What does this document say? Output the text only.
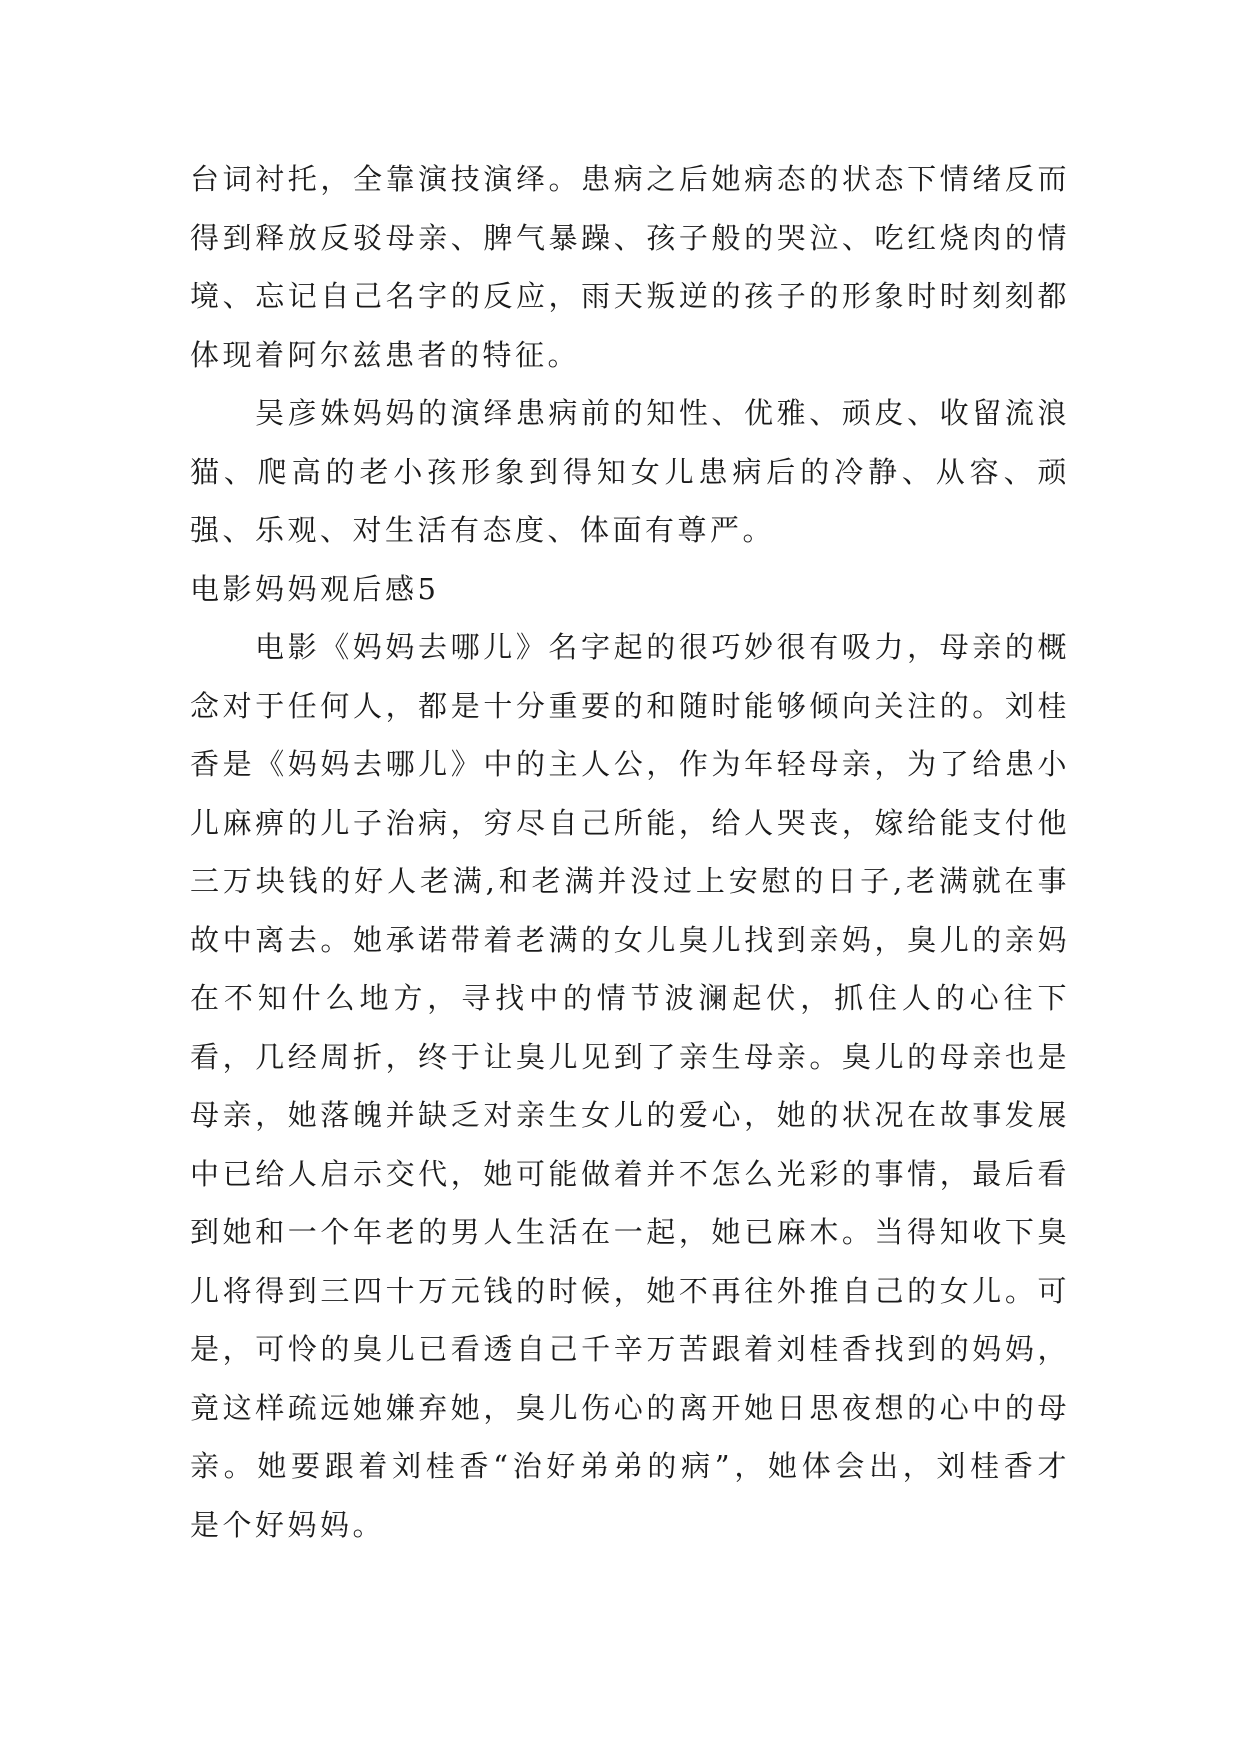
台词衬托，全靠演技演绎。患病之后她病态的状态下情绪反而得到释放反驳母亲、脾气暴躁、孩子般的哭泣、吃红烧肉的情境、忘记自己名字的反应，雨天叛逆的孩子的形象时时刻刻都体现着阿尔兹患者的特征。

吴彦姝妈妈的演绎患病前的知性、优雅、顽皮、收留流浪猫、爬高的老小孩形象到得知女儿患病后的冷静、从容、顽强、乐观、对生活有态度、体面有尊严。

电影妈妈观后感5

电影《妈妈去哪儿》名字起的很巧妙很有吸力，母亲的概念对于任何人，都是十分重要的和随时能够倾向关注的。刘桂香是《妈妈去哪儿》中的主人公，作为年轻母亲，为了给患小儿麻痹的儿子治病，穷尽自己所能，给人哭丧，嫁给能支付他三万块钱的好人老满,和老满并没过上安慰的日子,老满就在事故中离去。她承诺带着老满的女儿臭儿找到亲妈，臭儿的亲妈在不知什么地方，寻找中的情节波澜起伏，抓住人的心往下看，几经周折，终于让臭儿见到了亲生母亲。臭儿的母亲也是母亲，她落魄并缺乏对亲生女儿的爱心，她的状况在故事发展中已给人启示交代，她可能做着并不怎么光彩的事情，最后看到她和一个年老的男人生活在一起，她已麻木。当得知收下臭儿将得到三四十万元钱的时候，她不再往外推自己的女儿。可是，可怜的臭儿已看透自己千辛万苦跟着刘桂香找到的妈妈，竟这样疏远她嫌弃她，臭儿伤心的离开她日思夜想的心中的母亲。她要跟着刘桂香“治好弟弟的病”，她体会出，刘桂香才是个好妈妈。
